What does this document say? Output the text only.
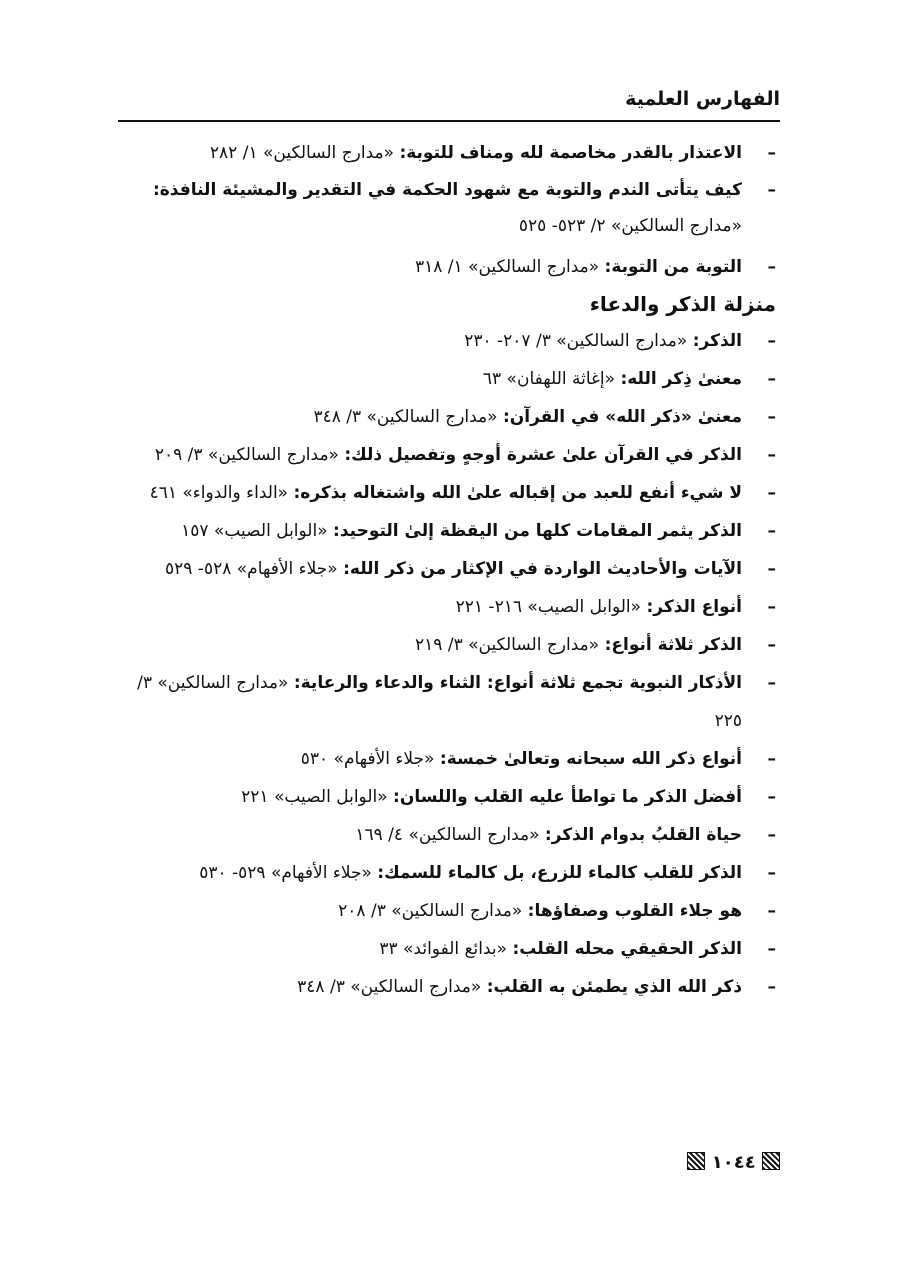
الفهارس العلمية
–
الاعتذار بالقدر مخاصمة لله ومناف للتوبة: «مدارج السالكين» ١/ ٢٨٢
–
كيف يتأتى الندم والتوبة مع شهود الحكمة في التقدير والمشيئة النافذة: «مدارج السالكين» ٢/ ٥٢٣- ٥٢٥
–
التوبة من التوبة: «مدارج السالكين» ١/ ٣١٨
منزلة الذكر والدعاء
–
الذكر: «مدارج السالكين» ٣/ ٢٠٧- ٢٣٠
–
معنىٰ ذِكر الله: «إغاثة اللهفان» ٦٣
–
معنىٰ «ذكر الله» في القرآن: «مدارج السالكين» ٣/ ٣٤٨
–
الذكر في القرآن علىٰ عشرة أوجهٍ وتفصيل ذلك: «مدارج السالكين» ٣/ ٢٠٩
–
لا شيء أنفع للعبد من إقباله علىٰ الله واشتغاله بذكره: «الداء والدواء» ٤٦١
–
الذكر يثمر المقامات كلها من اليقظة إلىٰ التوحيد: «الوابل الصيب» ١٥٧
–
الآيات والأحاديث الواردة في الإكثار من ذكر الله: «جلاء الأفهام» ٥٢٨- ٥٢٩
–
أنواع الذكر: «الوابل الصيب» ٢١٦- ٢٢١
–
الذكر ثلاثة أنواع: «مدارج السالكين» ٣/ ٢١٩
–
الأذكار النبوية تجمع ثلاثة أنواع: الثناء والدعاء والرعاية: «مدارج السالكين» ٣/ ٢٢٥
–
أنواع ذكر الله سبحانه وتعالىٰ خمسة: «جلاء الأفهام» ٥٣٠
–
أفضل الذكر ما تواطأ عليه القلب واللسان: «الوابل الصيب» ٢٢١
–
حياة القلبُ بدوام الذكر: «مدارج السالكين» ٤/ ١٦٩
–
الذكر للقلب كالماء للزرع، بل كالماء للسمك: «جلاء الأفهام» ٥٢٩- ٥٣٠
–
هو جلاء القلوب وصفاؤها: «مدارج السالكين» ٣/ ٢٠٨
–
الذكر الحقيقي محله القلب: «بدائع الفوائد» ٣٣
–
ذكر الله الذي يطمئن به القلب: «مدارج السالكين» ٣/ ٣٤٨
١٠٤٤
